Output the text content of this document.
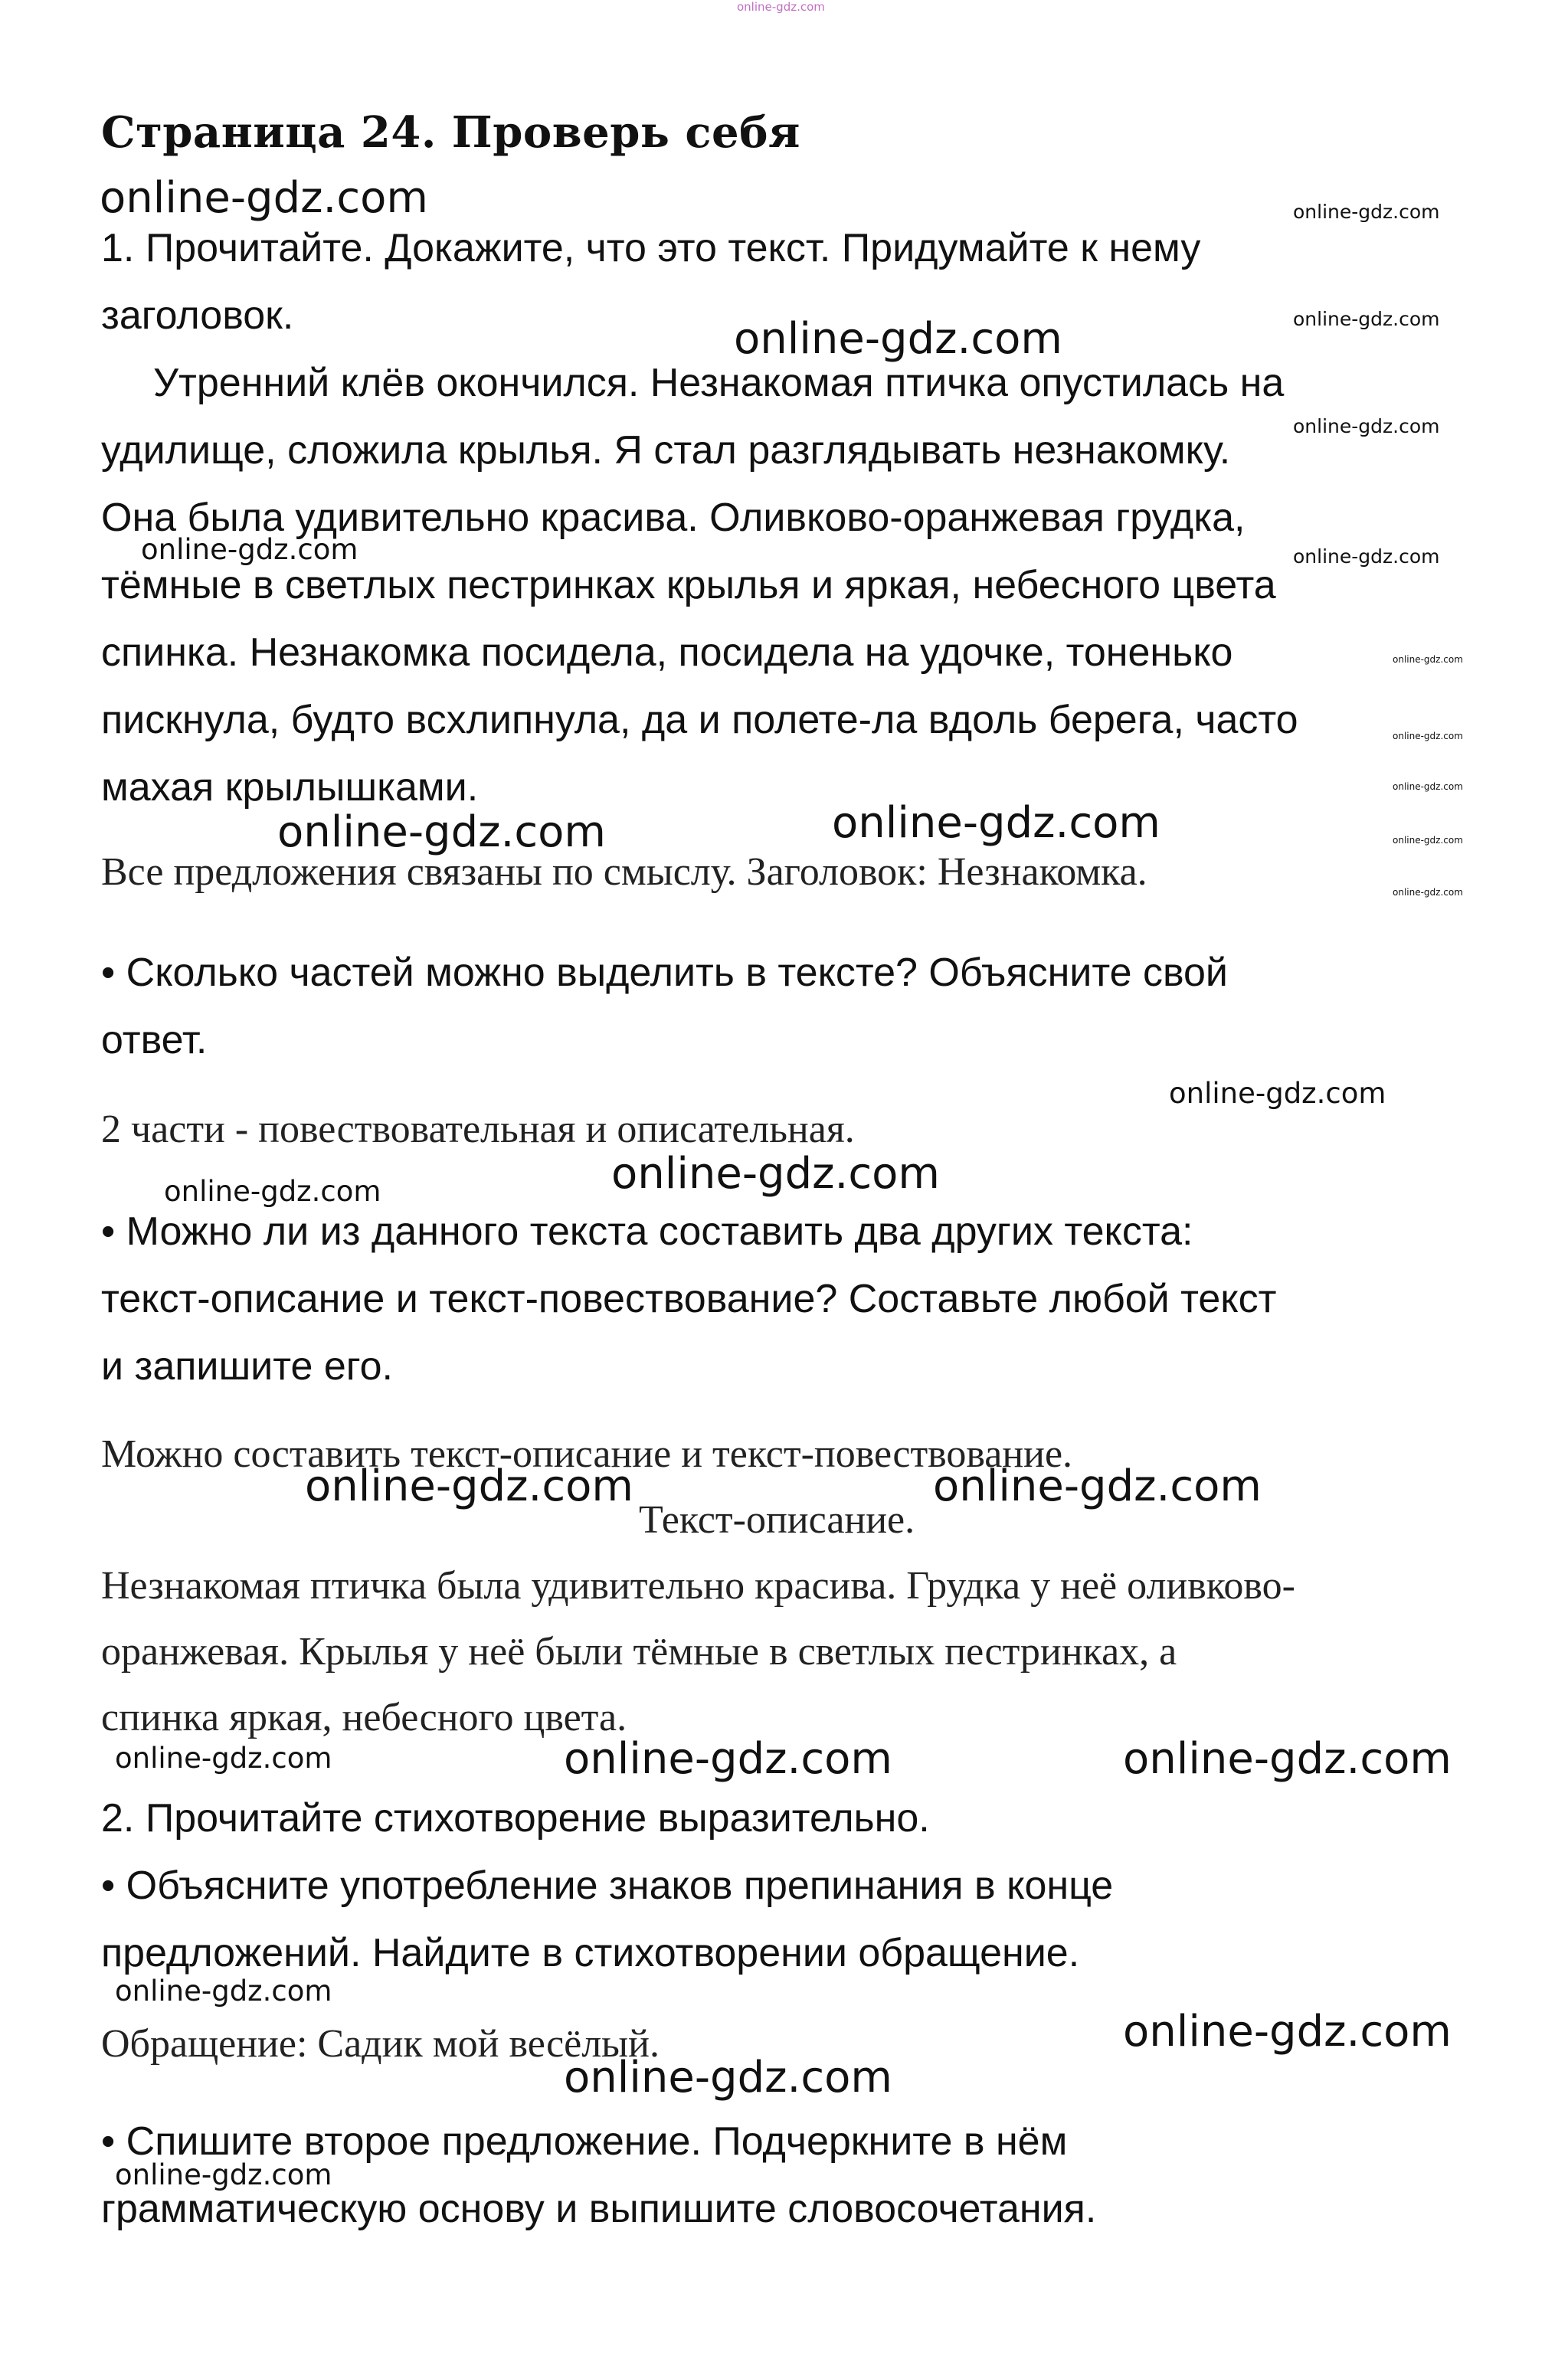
online-gdz.com
Страница 24. Проверь себя
1. Прочитайте. Докажите, что это текст. Придумайте к нему
заголовок.
Утренний клёв окончился. Незнакомая птичка опустилась на
удилище, сложила крылья. Я стал разглядывать незнакомку.
Она была удивительно красива. Оливково-оранжевая грудка,
тёмные в светлых пестринках крылья и яркая, небесного цвета
спинка. Незнакомка посидела, посидела на удочке, тоненько
пискнула, будто всхлипнула, да и полете-ла вдоль берега, часто
махая крылышками.
Все предложения связаны по смыслу. Заголовок: Незнакомка.
• Сколько частей можно выделить в тексте? Объясните свой
ответ.
2 части - повествовательная и описательная.
• Можно ли из данного текста составить два других текста:
текст-описание и текст-повествование? Составьте любой текст
и запишите его.
Можно составить текст-описание и текст-повествование.
Текст-описание.
Незнакомая птичка была удивительно красива. Грудка у неё оливково-
оранжевая. Крылья у неё были тёмные в светлых пестринках, а
спинка яркая, небесного цвета.
2. Прочитайте стихотворение выразительно.
• Объясните употребление знаков препинания в конце
предложений. Найдите в стихотворении обращение.
Обращение: Садик мой весёлый.
• Спишите второе предложение. Подчеркните в нём
грамматическую основу и выпишите словосочетания.
online-gdz.com	online-gdz.com
online-gdz.com
online-gdz.com
online-gdz.com
online-gdz.com	online-gdz.com
online-gdz.com
online-gdz.com
online-gdz.com
online-gdz.com	online-gdz.com	online-gdz.com
online-gdz.com
online-gdz.com
online-gdz.com	online-gdz.com
online-gdz.com	online-gdz.com
online-gdz.com	online-gdz.com	online-gdz.com
online-gdz.com
online-gdz.com
online-gdz.com
online-gdz.com
